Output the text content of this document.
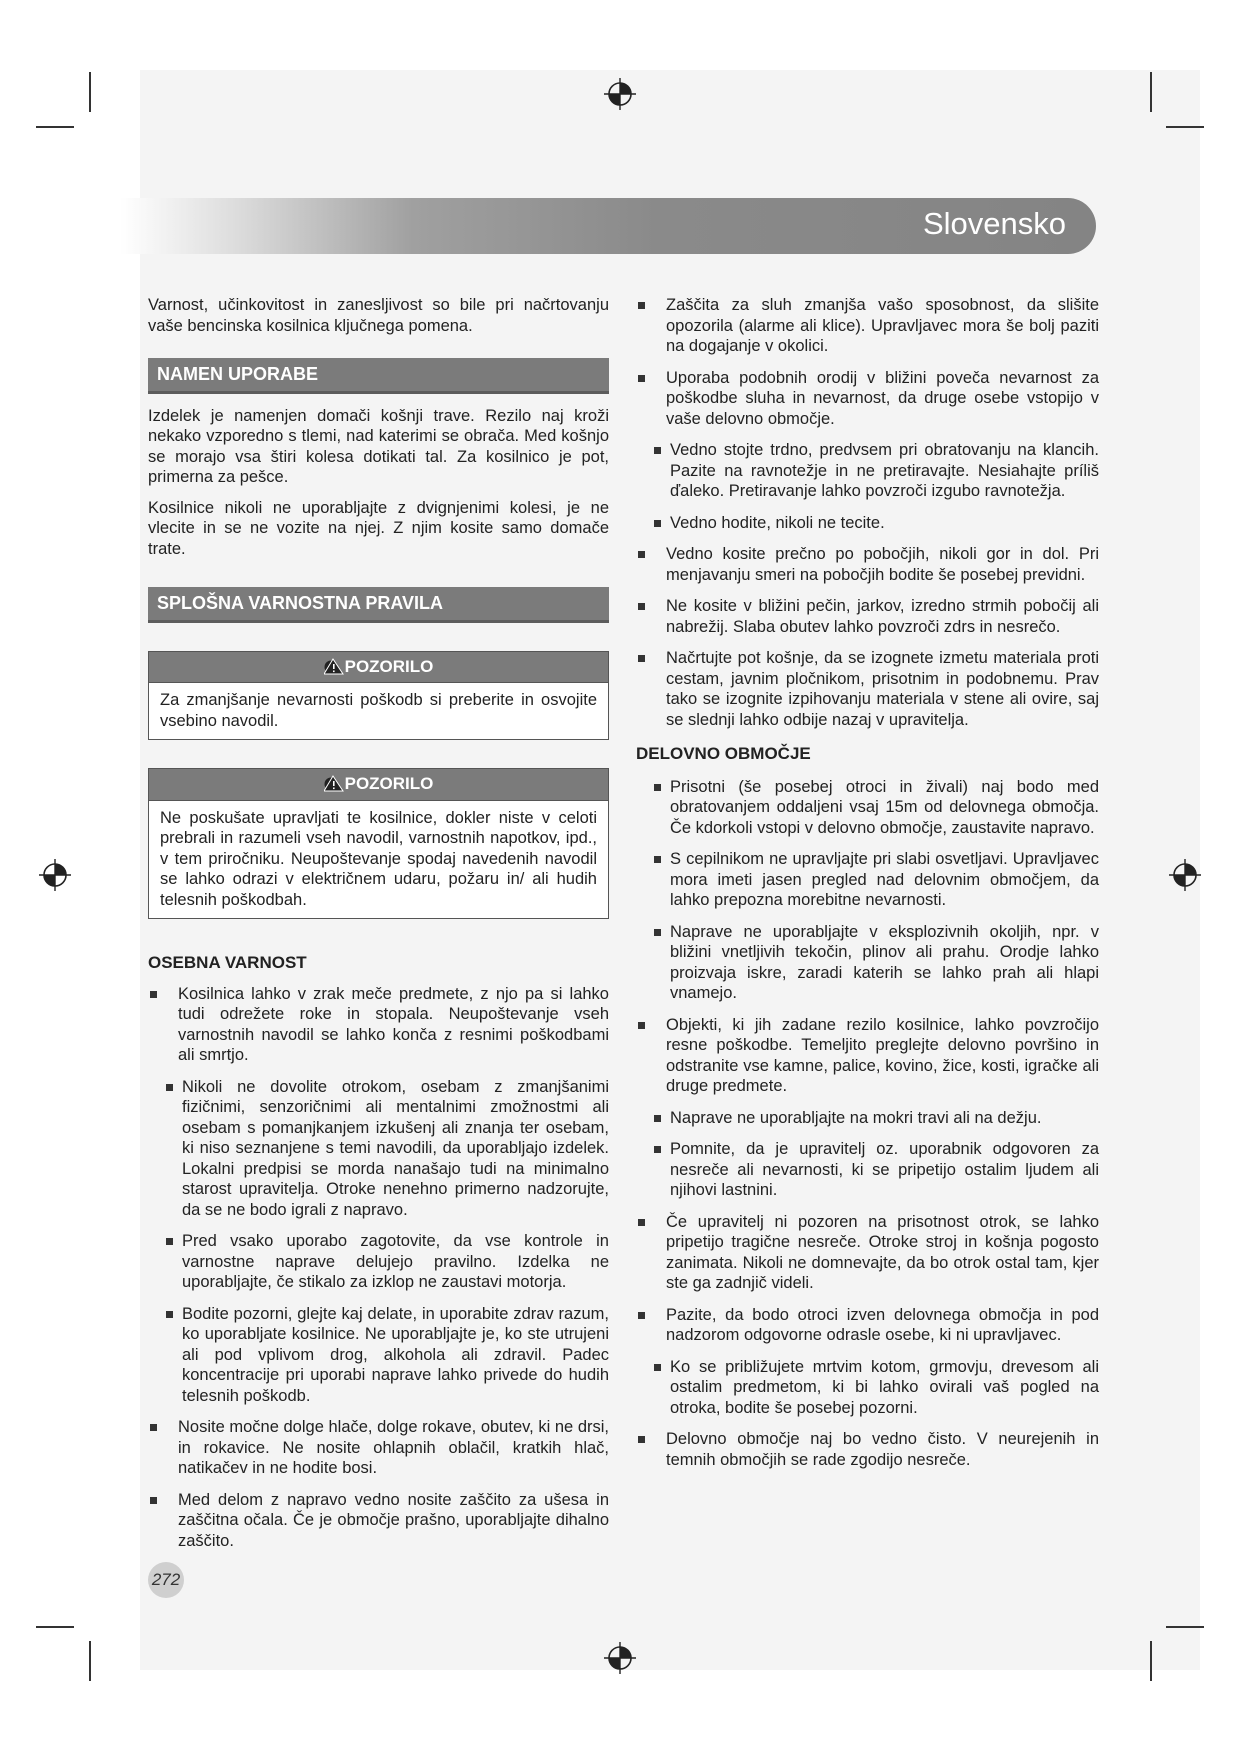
Slovensko

Varnost, učinkovitost in zanesljivost so bile pri načrtovanju vaše bencinska kosilnica ključnega pomena.

NAMEN UPORABE

Izdelek je namenjen domači košnji trave. Rezilo naj kroži nekako vzporedno s tlemi, nad katerimi se obrača. Med košnjo se morajo vsa štiri kolesa dotikati tal. Za kosilnico je pot, primerna za pešce.

Kosilnice nikoli ne uporabljajte z dvignjenimi kolesi, je ne vlecite in se ne vozite na njej. Z njim kosite samo domače trate.

SPLOŠNA VARNOSTNA PRAVILA
POZORILO
Za zmanjšanje nevarnosti poškodb si preberite in osvojite vsebino navodil.
POZORILO
Ne poskušate upravljati te kosilnice, dokler niste v celoti prebrali in razumeli vseh navodil, varnostnih napotkov, ipd., v tem priročniku. Neupoštevanje spodaj navedenih navodil se lahko odrazi v električnem udaru, požaru in/ ali hudih telesnih poškodbah.
OSEBNA VARNOST
Kosilnica lahko v zrak meče predmete, z njo pa si lahko tudi odrežete roke in stopala. Neupoštevanje vseh varnostnih navodil se lahko konča z resnimi poškodbami ali smrtjo.
Nikoli ne dovolite otrokom, osebam z zmanjšanimi fizičnimi, senzoričnimi ali mentalnimi zmožnostmi ali osebam s pomanjkanjem izkušenj ali znanja ter osebam, ki niso seznanjene s temi navodili, da uporabljajo izdelek. Lokalni predpisi se morda nanašajo tudi na minimalno starost upravitelja. Otroke nenehno primerno nadzorujte, da se ne bodo igrali z napravo.
Pred vsako uporabo zagotovite, da vse kontrole in varnostne naprave delujejo pravilno. Izdelka ne uporabljajte, če stikalo za izklop ne zaustavi motorja.
Bodite pozorni, glejte kaj delate, in uporabite zdrav razum, ko uporabljate kosilnice. Ne uporabljajte je, ko ste utrujeni ali pod vplivom drog, alkohola ali zdravil. Padec koncentracije pri uporabi naprave lahko privede do hudih telesnih poškodb.
Nosite močne dolge hlače, dolge rokave, obutev, ki ne drsi, in rokavice. Ne nosite ohlapnih oblačil, kratkih hlač, natikačev in ne hodite bosi.
Med delom z napravo vedno nosite zaščito za ušesa in zaščitna očala. Če je območje prašno, uporabljajte dihalno zaščito.
Zaščita za sluh zmanjša vašo sposobnost, da slišite opozorila (alarme ali klice). Upravljavec mora še bolj paziti na dogajanje v okolici.
Uporaba podobnih orodij v bližini poveča nevarnost za poškodbe sluha in nevarnost, da druge osebe vstopijo v vaše delovno območje.
Vedno stojte trdno, predvsem pri obratovanju na klancih. Pazite na ravnotežje in ne pretiravajte. Nesiahajte príliš ďaleko. Pretiravanje lahko povzroči izgubo ravnotežja.
Vedno hodite, nikoli ne tecite.
Vedno kosite prečno po pobočjih, nikoli gor in dol. Pri menjavanju smeri na pobočjih bodite še posebej previdni.
Ne kosite v bližini pečin, jarkov, izredno strmih pobočij ali nabrežij. Slaba obutev lahko povzroči zdrs in nesrečo.
Načrtujte pot košnje, da se izognete izmetu materiala proti cestam, javnim pločnikom, prisotnim in podobnemu. Prav tako se izognite izpihovanju materiala v stene ali ovire, saj se slednji lahko odbije nazaj v upravitelja.
DELOVNO OBMOČJE
Prisotni (še posebej otroci in živali) naj bodo med obratovanjem oddaljeni vsaj 15m od delovnega območja. Če kdorkoli vstopi v delovno območje, zaustavite napravo.
S cepilnikom ne upravljajte pri slabi osvetljavi. Upravljavec mora imeti jasen pregled nad delovnim območjem, da lahko prepozna morebitne nevarnosti.
Naprave ne uporabljajte v eksplozivnih okoljih, npr. v bližini vnetljivih tekočin, plinov ali prahu. Orodje lahko proizvaja iskre, zaradi katerih se lahko prah ali hlapi vnamejo.
Objekti, ki jih zadane rezilo kosilnice, lahko povzročijo resne poškodbe. Temeljito preglejte delovno površino in odstranite vse kamne, palice, kovino, žice, kosti, igračke ali druge predmete.
Naprave ne uporabljajte na mokri travi ali na dežju.
Pomnite, da je upravitelj oz. uporabnik odgovoren za nesreče ali nevarnosti, ki se pripetijo ostalim ljudem ali njihovi lastnini.
Če upravitelj ni pozoren na prisotnost otrok, se lahko pripetijo tragične nesreče. Otroke stroj in košnja pogosto zanimata. Nikoli ne domnevajte, da bo otrok ostal tam, kjer ste ga zadnjič videli.
Pazite, da bodo otroci izven delovnega območja in pod nadzorom odgovorne odrasle osebe, ki ni upravljavec.
Ko se približujete mrtvim kotom, grmovju, drevesom ali ostalim predmetom, ki bi lahko ovirali vaš pogled na otroka, bodite še posebej pozorni.
Delovno območje naj bo vedno čisto. V neurejenih in temnih območjih se rade zgodijo nesreče.
272
